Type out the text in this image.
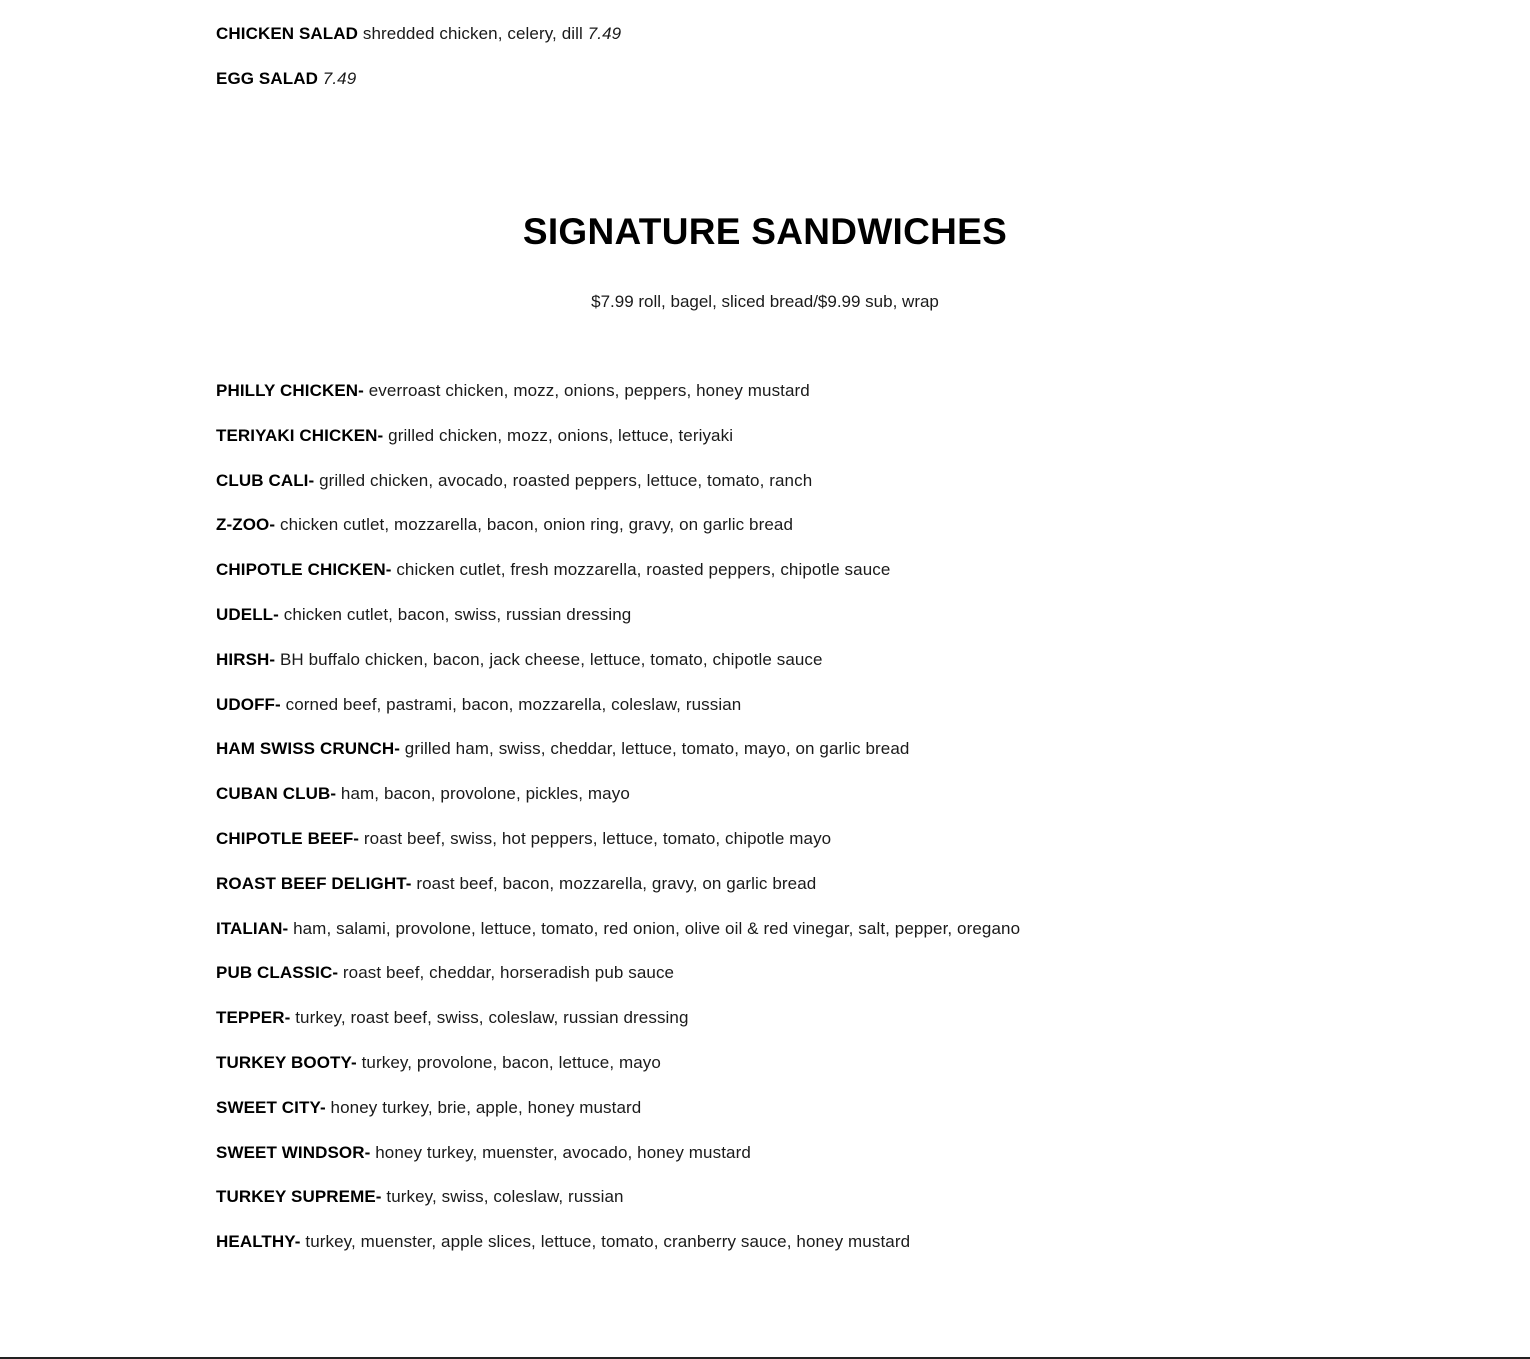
CHICKEN SALAD shredded chicken, celery, dill 7.49
EGG SALAD 7.49
SIGNATURE SANDWICHES
$7.99 roll, bagel, sliced bread/$9.99 sub, wrap
PHILLY CHICKEN- everroast chicken, mozz, onions, peppers, honey mustard
TERIYAKI CHICKEN- grilled chicken, mozz, onions, lettuce, teriyaki
CLUB CALI- grilled chicken, avocado, roasted peppers, lettuce, tomato, ranch
Z-ZOO- chicken cutlet, mozzarella, bacon, onion ring, gravy, on garlic bread
CHIPOTLE CHICKEN- chicken cutlet, fresh mozzarella, roasted peppers, chipotle sauce
UDELL- chicken cutlet, bacon, swiss, russian dressing
HIRSH- BH buffalo chicken, bacon, jack cheese, lettuce, tomato, chipotle sauce
UDOFF- corned beef, pastrami, bacon, mozzarella, coleslaw, russian
HAM SWISS CRUNCH- grilled ham, swiss, cheddar, lettuce, tomato, mayo, on garlic bread
CUBAN CLUB- ham, bacon, provolone, pickles, mayo
CHIPOTLE BEEF- roast beef, swiss, hot peppers, lettuce, tomato, chipotle mayo
ROAST BEEF DELIGHT- roast beef, bacon, mozzarella, gravy, on garlic bread
ITALIAN- ham, salami, provolone, lettuce, tomato, red onion, olive oil & red vinegar, salt, pepper, oregano
PUB CLASSIC- roast beef, cheddar, horseradish pub sauce
TEPPER- turkey, roast beef, swiss, coleslaw, russian dressing
TURKEY BOOTY- turkey, provolone, bacon, lettuce, mayo
SWEET CITY- honey turkey, brie, apple, honey mustard
SWEET WINDSOR- honey turkey, muenster, avocado, honey mustard
TURKEY SUPREME- turkey, swiss, coleslaw, russian
HEALTHY- turkey, muenster, apple slices, lettuce, tomato, cranberry sauce, honey mustard
